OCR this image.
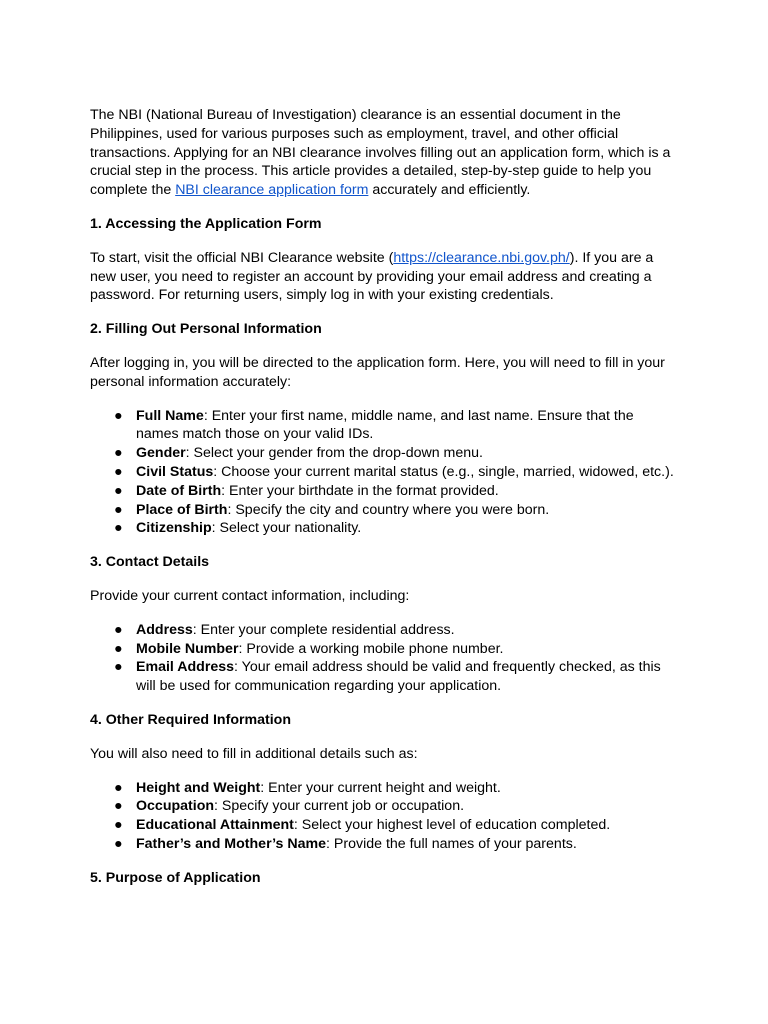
The NBI (National Bureau of Investigation) clearance is an essential document in the Philippines, used for various purposes such as employment, travel, and other official transactions. Applying for an NBI clearance involves filling out an application form, which is a crucial step in the process. This article provides a detailed, step-by-step guide to help you complete the NBI clearance application form accurately and efficiently.

1. Accessing the Application Form

To start, visit the official NBI Clearance website (https://clearance.nbi.gov.ph/). If you are a new user, you need to register an account by providing your email address and creating a password. For returning users, simply log in with your existing credentials.

2. Filling Out Personal Information

After logging in, you will be directed to the application form. Here, you will need to fill in your personal information accurately:

● Full Name: Enter your first name, middle name, and last name. Ensure that the names match those on your valid IDs.
● Gender: Select your gender from the drop-down menu.
● Civil Status: Choose your current marital status (e.g., single, married, widowed, etc.).
● Date of Birth: Enter your birthdate in the format provided.
● Place of Birth: Specify the city and country where you were born.
● Citizenship: Select your nationality.

3. Contact Details

Provide your current contact information, including:

● Address: Enter your complete residential address.
● Mobile Number: Provide a working mobile phone number.
● Email Address: Your email address should be valid and frequently checked, as this will be used for communication regarding your application.

4. Other Required Information

You will also need to fill in additional details such as:

● Height and Weight: Enter your current height and weight.
● Occupation: Specify your current job or occupation.
● Educational Attainment: Select your highest level of education completed.
● Father’s and Mother’s Name: Provide the full names of your parents.

5. Purpose of Application
